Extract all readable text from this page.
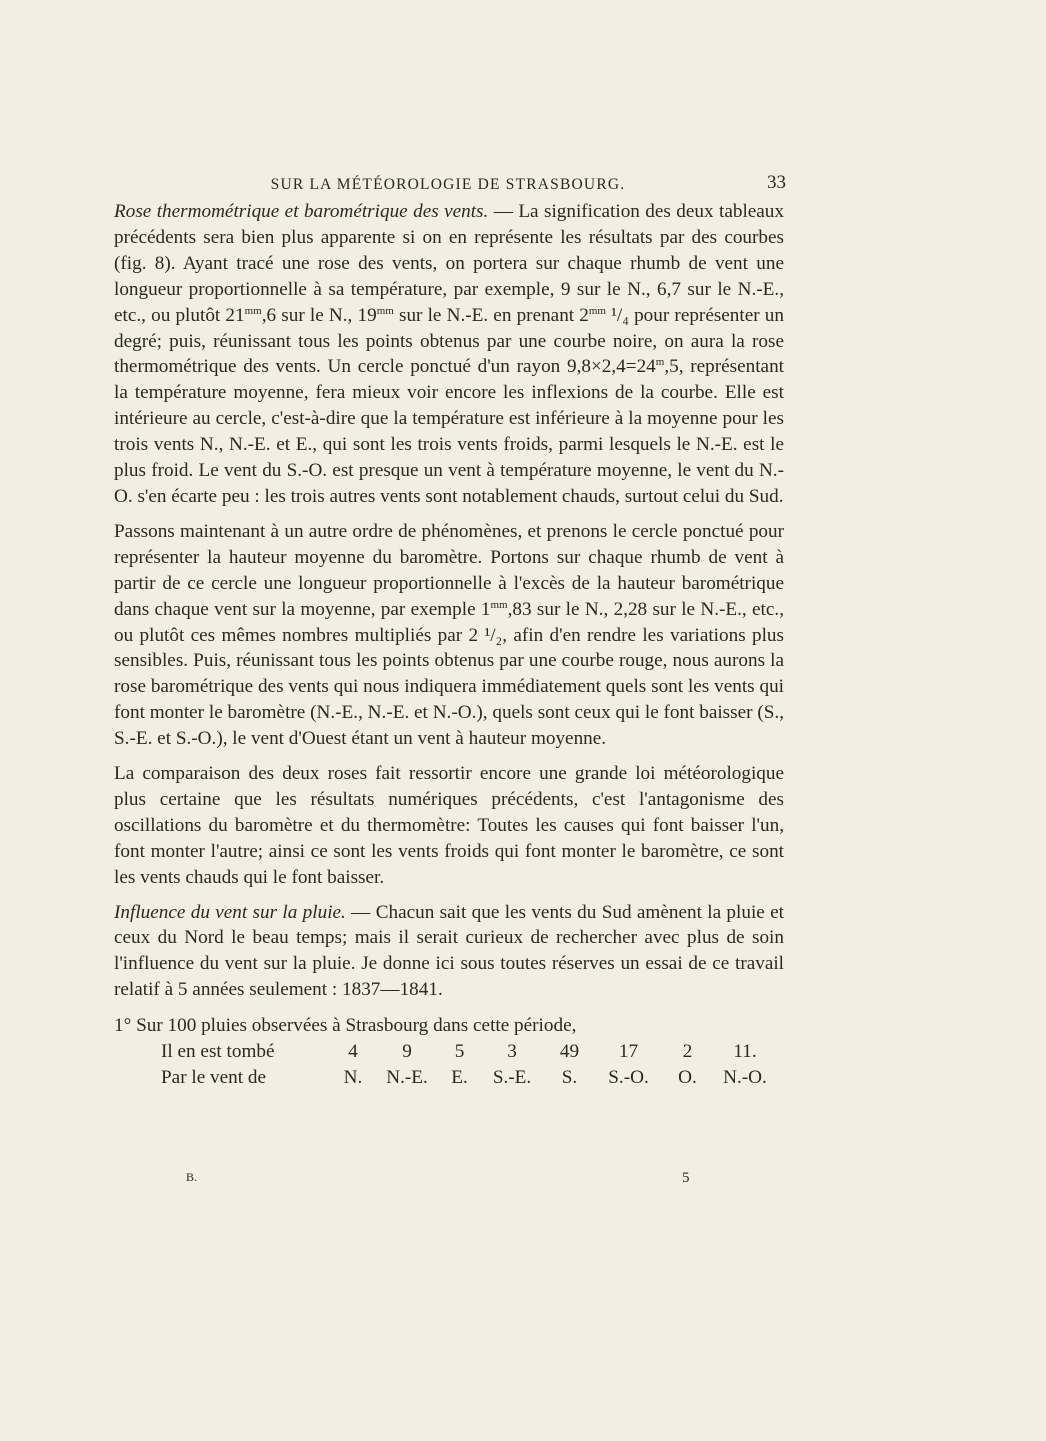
SUR LA MÉTÉOROLOGIE DE STRASBOURG.	33

Rose thermométrique et barométrique des vents. — La signification des deux tableaux précédents sera bien plus apparente si on en représente les résultats par des courbes (fig. 8). Ayant tracé une rose des vents, on portera sur chaque rhumb de vent une longueur proportionnelle à sa température, par exemple, 9 sur le N., 6,7 sur le N.-E., etc., ou plutôt $21^{mm},6$ sur le N., $19^{mm}$ sur le N.-E. en prenant $2^{mm}$ ¹/₄ pour représenter un degré; puis, réunissant tous les points obtenus par une courbe noire, on aura la rose thermométrique des vents. Un cercle ponctué d'un rayon $9,8\times 2,4=24^m,5$, représentant la température moyenne, fera mieux voir encore les inflexions de la courbe. Elle est intérieure au cercle, c'est-à-dire que la température est inférieure à la moyenne pour les trois vents N., N.-E. et E., qui sont les trois vents froids, parmi lesquels le N.-E. est le plus froid. Le vent du S.-O. est presque un vent à température moyenne, le vent du N.-O. s'en écarte peu : les trois autres vents sont notablement chauds, surtout celui du Sud.

Passons maintenant à un autre ordre de phénomènes, et prenons le cercle ponctué pour représenter la hauteur moyenne du baromètre. Portons sur chaque rhumb de vent à partir de ce cercle une longueur proportionnelle à l'excès de la hauteur barométrique dans chaque vent sur la moyenne, par exemple $1^{mm},83$ sur le N., 2,28 sur le N.-E., etc., ou plutôt ces mêmes nombres multipliés par 2 ¹/₂, afin d'en rendre les variations plus sensibles. Puis, réunissant tous les points obtenus par une courbe rouge, nous aurons la rose barométrique des vents qui nous indiquera immédiatement quels sont les vents qui font monter le baromètre (N.-E., N.-E. et N.-O.), quels sont ceux qui le font baisser (S., S.-E. et S.-O.), le vent d'Ouest étant un vent à hauteur moyenne.

La comparaison des deux roses fait ressortir encore une grande loi météorologique plus certaine que les résultats numériques précédents, c'est l'antagonisme des oscillations du baromètre et du thermomètre: Toutes les causes qui font baisser l'un, font monter l'autre; ainsi ce sont les vents froids qui font monter le baromètre, ce sont les vents chauds qui le font baisser.

Influence du vent sur la pluie. — Chacun sait que les vents du Sud amènent la pluie et ceux du Nord le beau temps; mais il serait curieux de rechercher avec plus de soin l'influence du vent sur la pluie. Je donne ici sous toutes réserves un essai de ce travail relatif à 5 années seulement : 1837—1841.

1° Sur 100 pluies observées à Strasbourg dans cette période,
Il en est tombé	4	9	5	3	49	17	2	11.
Par le vent de	N.	N.-E.	E.	S.-E.	S.	S.-O.	O.	N.-O.
B.	5
